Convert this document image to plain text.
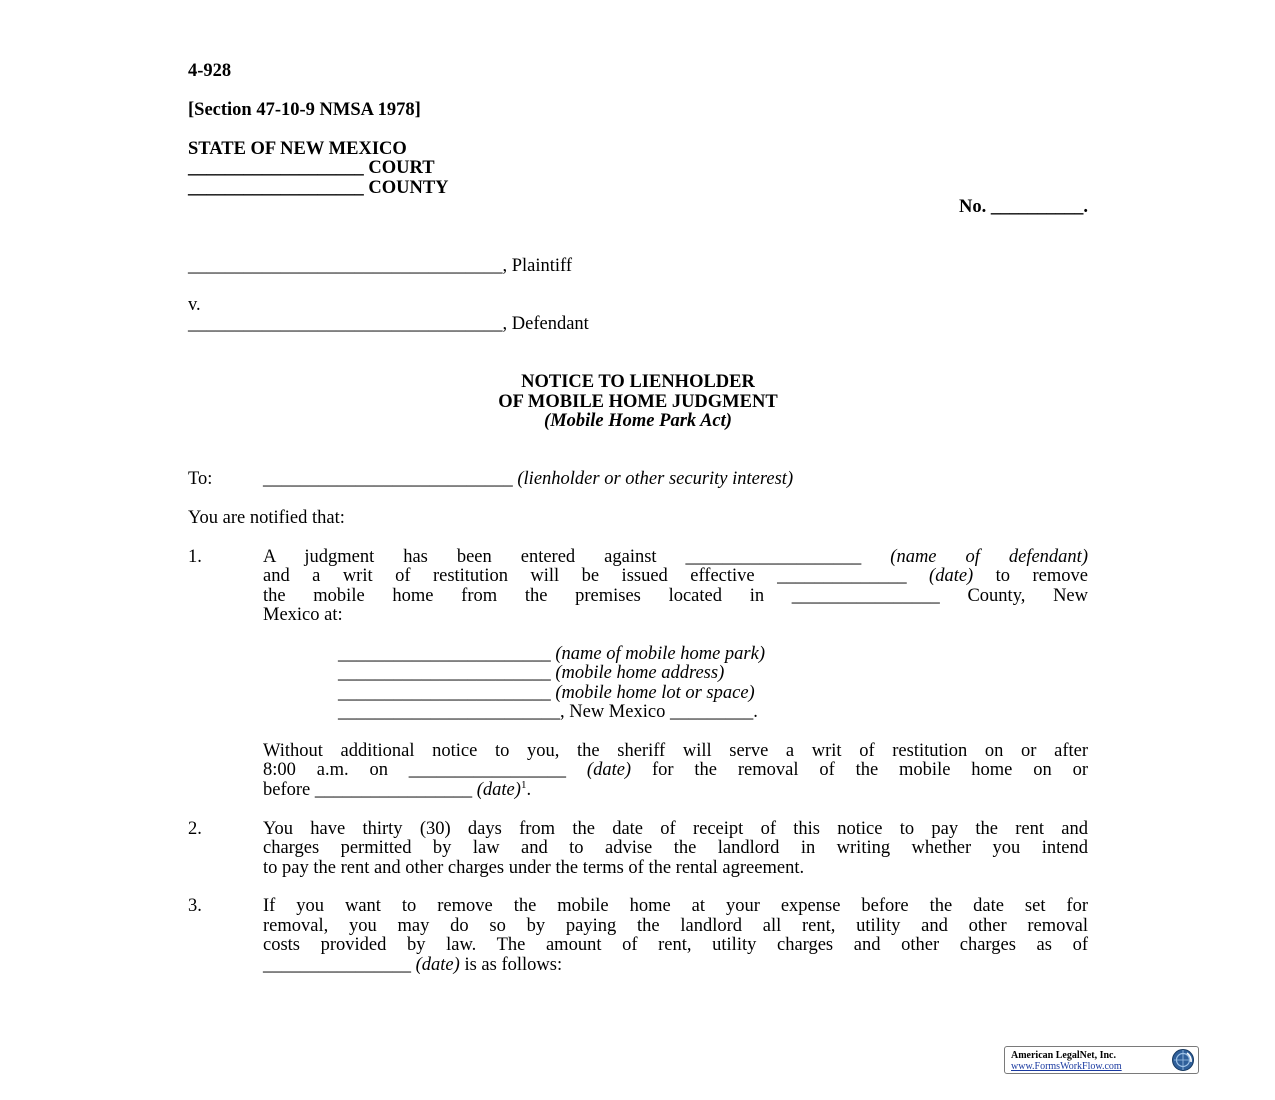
4-928
[Section 47-10-9 NMSA 1978]
STATE OF NEW MEXICO
___________________ COURT
___________________ COUNTY
No. __________.
__________________________________, Plaintiff
v.
__________________________________, Defendant
NOTICE TO LIENHOLDER
OF MOBILE HOME JUDGMENT
(Mobile Home Park Act)
To:	___________________________ (lienholder or other security interest)
You are notified that:
1.	A judgment has been entered against ___________________ (name of defendant)
and a writ of restitution will be issued effective ______________ (date) to remove
the mobile home from the premises located in ________________ County, New
Mexico at:
_______________________ (name of mobile home park)
_______________________ (mobile home address)
_______________________ (mobile home lot or space)
________________________, New Mexico _________.
Without additional notice to you, the sheriff will serve a writ of restitution on or after
8:00 a.m. on _________________ (date) for the removal of the mobile home on or
before _________________ (date)$^1$.
2.	You have thirty (30) days from the date of receipt of this notice to pay the rent and
charges permitted by law and to advise the landlord in writing whether you intend
to pay the rent and other charges under the terms of the rental agreement.
3.	If you want to remove the mobile home at your expense before the date set for
removal, you may do so by paying the landlord all rent, utility and other removal
costs provided by law. The amount of rent, utility charges and other charges as of
________________ (date) is as follows:
American LegalNet, Inc.
www.FormsWorkFlow.com
